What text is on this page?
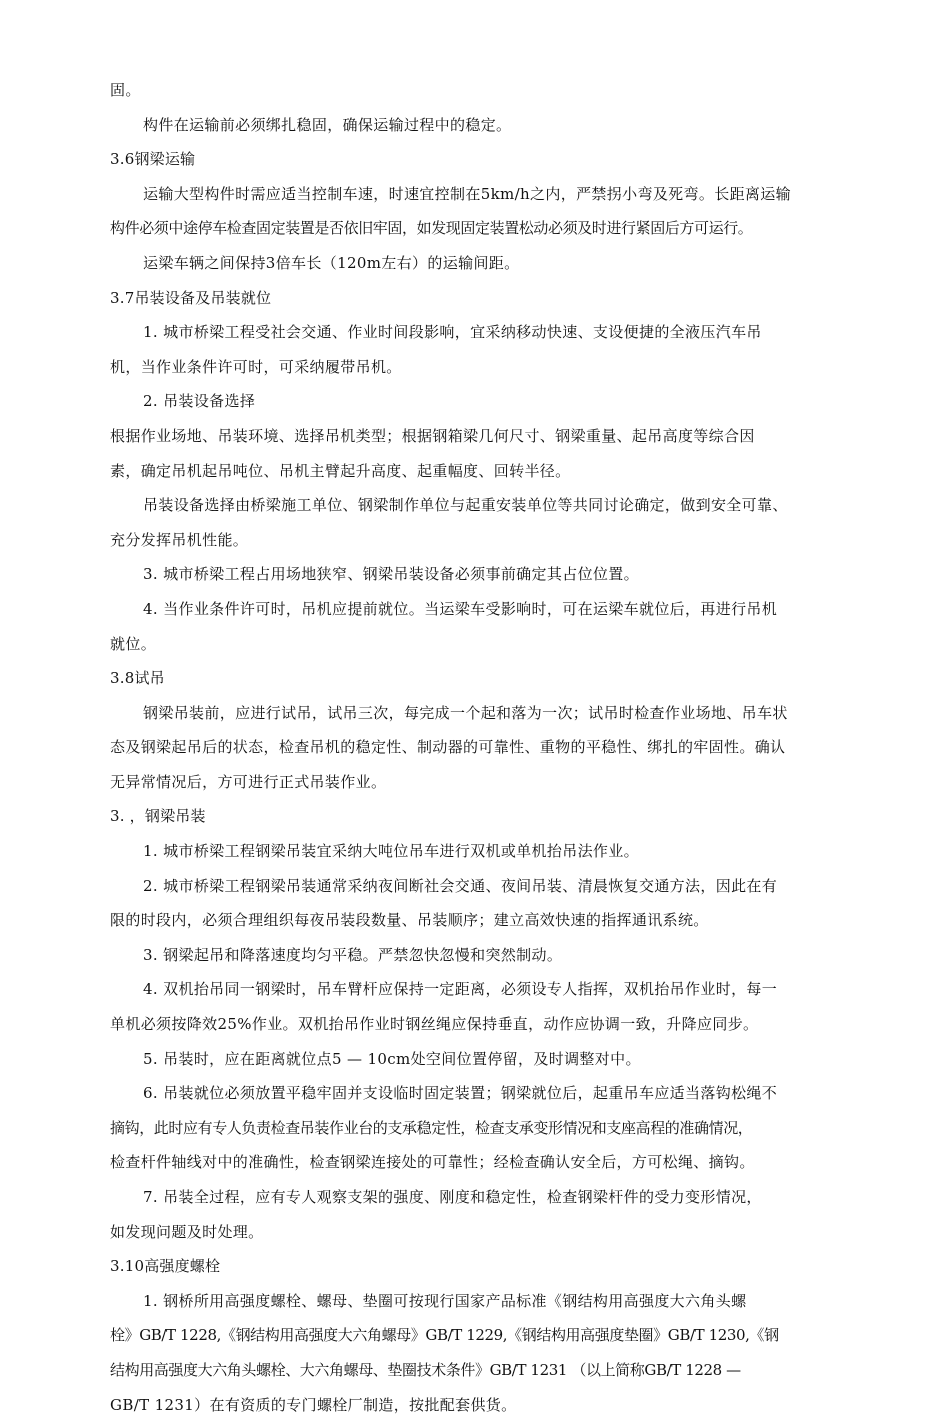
固。
构件在运输前必须绑扎稳固，确保运输过程中的稳定。
3.6钢梁运输
运输大型构件时需应适当控制车速，时速宜控制在5km/h之内，严禁拐小弯及死弯。长距离运输
构件必须中途停车检查固定装置是否依旧牢固，如发现固定装置松动必须及时进行紧固后方可运行。
运梁车辆之间保持3倍车长（120m左右）的运输间距。
3.7吊装设备及吊装就位
1. 城市桥梁工程受社会交通、作业时间段影响，宜采纳移动快速、支设便捷的全液压汽车吊
机，当作业条件许可时，可采纳履带吊机。
2. 吊装设备选择
根据作业场地、吊装环境、选择吊机类型；根据钢箱梁几何尺寸、钢梁重量、起吊高度等综合因
素，确定吊机起吊吨位、吊机主臂起升高度、起重幅度、回转半径。
吊装设备选择由桥梁施工单位、钢梁制作单位与起重安装单位等共同讨论确定，做到安全可靠、
充分发挥吊机性能。
3. 城市桥梁工程占用场地狭窄、钢梁吊装设备必须事前确定其占位位置。
4. 当作业条件许可时，吊机应提前就位。当运梁车受影响时，可在运梁车就位后，再进行吊机
就位。
3.8试吊
钢梁吊装前，应进行试吊，试吊三次，每完成一个起和落为一次；试吊时检查作业场地、吊车状
态及钢梁起吊后的状态，检查吊机的稳定性、制动器的可靠性、重物的平稳性、绑扎的牢固性。确认
无异常情况后，方可进行正式吊装作业。
3. ，钢梁吊装
1. 城市桥梁工程钢梁吊装宜采纳大吨位吊车进行双机或单机抬吊法作业。
2. 城市桥梁工程钢梁吊装通常采纳夜间断社会交通、夜间吊装、清晨恢复交通方法，因此在有
限的时段内，必须合理组织每夜吊装段数量、吊装顺序；建立高效快速的指挥通讯系统。
3. 钢梁起吊和降落速度均匀平稳。严禁忽快忽慢和突然制动。
4. 双机抬吊同一钢梁时，吊车臂杆应保持一定距离，必须设专人指挥，双机抬吊作业时，每一
单机必须按降效25%作业。双机抬吊作业时钢丝绳应保持垂直，动作应协调一致，升降应同步。
5. 吊装时，应在距离就位点5 — 10cm处空间位置停留，及时调整对中。
6. 吊装就位必须放置平稳牢固并支设临时固定装置；钢梁就位后，起重吊车应适当落钩松绳不
摘钩，此时应有专人负责检查吊装作业台的支承稳定性，检查支承变形情况和支座高程的准确情况，
检查杆件轴线对中的准确性，检查钢梁连接处的可靠性；经检查确认安全后，方可松绳、摘钩。
7. 吊装全过程，应有专人观察支架的强度、刚度和稳定性，检查钢梁杆件的受力变形情况，
如发现问题及时处理。
3.10高强度螺栓
1. 钢桥所用高强度螺栓、螺母、垫圈可按现行国家产品标准《钢结构用高强度大六角头螺
栓》GB/T 1228,《钢结构用高强度大六角螺母》GB/T 1229,《钢结构用高强度垫圈》GB/T 1230,《钢
结构用高强度大六角头螺栓、大六角螺母、垫圈技术条件》GB/T 1231 （以上简称GB/T 1228 —
GB/T 1231）在有资质的专门螺栓厂制造，按批配套供货。
